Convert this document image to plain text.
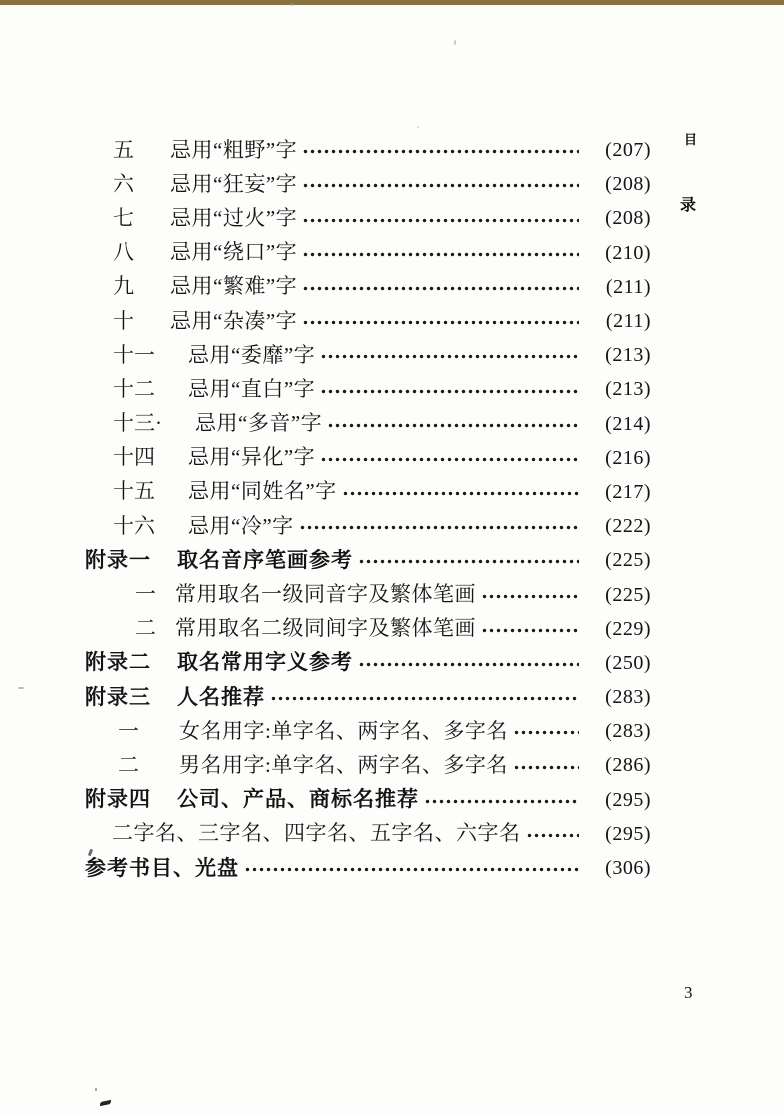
五 忌用“粗野”字	(207)
六 忌用“狂妄”字	(208)
七 忌用“过火”字	(208)
八 忌用“绕口”字	(210)
九 忌用“繁难”字	(211)
十 忌用“杂凑”字	(211)
十一 忌用“委靡”字	(213)
十二 忌用“直白”字	(213)
十三· 忌用“多音”字	(214)
十四 忌用“异化”字	(216)
十五 忌用“同姓名”字	(217)
十六 忌用“冷”字	(222)
附录一 取名音序笔画参考	(225)
一 常用取名一级同音字及繁体笔画	(225)
二 常用取名二级同间字及繁体笔画	(229)
附录二 取名常用字义参考	(250)
附录三 人名推荐	(283)
一 女名用字:单字名、两字名、多字名	(283)
二 男名用字:单字名、两字名、多字名	(286)
附录四 公司、产品、商标名推荐	(295)
二字名、三字名、四字名、五字名、六字名	(295)
参考书目、光盘	(306)
目
录
3
